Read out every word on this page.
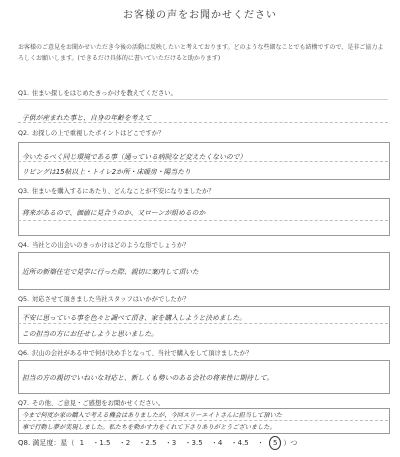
お客様の声をお聞かせください
お客様のご意見をお聞かせいただき今後の活動に反映したいと考えております。どのような些細なことでも結構ですので、是非ご協力よろしくお願いします。(できるだけ具体的に書いていただけると助かります)
Q1. 住まい探しをはじめたきっかけを教えてください。
子供が産まれた事と、自身の年齢を考えて
Q2. お探しの上で重視したポイントはどこですか？
今いたるべく同じ環境である事（通っている病院など変えたくないので）
リビングは15帖以上・トイレ2か所・床暖房・陽当たり
Q3. 住まいを購入するにあたり、どんなことが不安になりましたか？
将来があるので、価値に見合うのか、又ローンが組めるのか
Q4. 当社との出会いのきっかけはどのような形でしょうか？
近所の新築住宅で見学に行った際、親切に案内して頂いた
Q5. 対応させて頂きました当社スタッフはいかがでしたか？
不安に思っている事を色々と調べて頂き、家を購入しようと決めました。
この担当の方にお任せしようと思いました。
Q6. 沢山の会社がある中で何が決め手となって、当社で購入をして頂けましたか？
担当の方の親切でいねいな対応と、新しくも勢いのある会社の将来性に期待して。
Q7. その他、ご意見・ご感想をお聞かせください。
今まで何度か家の購入で考える機会はありましたが、今回スリーエイトさんに担当して頂いた
事で行動し夢が実現しました。私たちを動かす力をくれて下さりありがとうございました。
Q8. 満足度：星（ 1 ・1.5 ・2 ・2.5 ・3 ・3.5 ・4 ・4.5 ・ 5 ）つ
